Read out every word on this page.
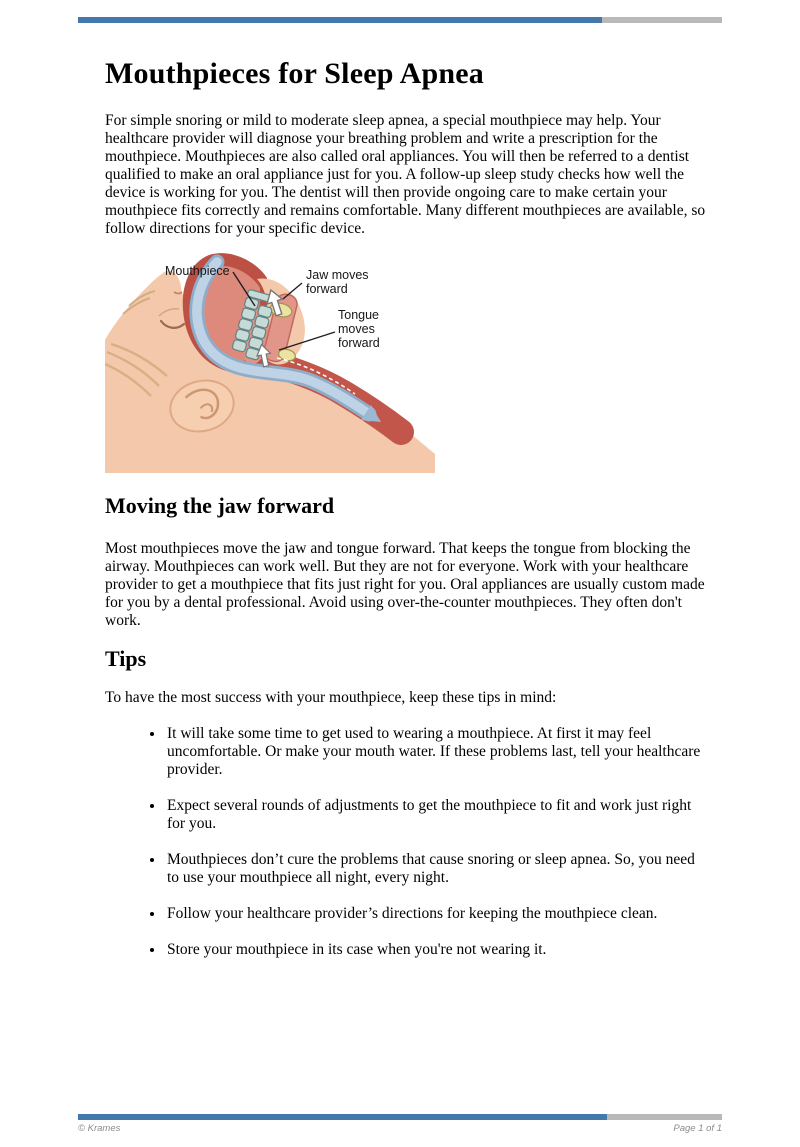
Mouthpieces for Sleep Apnea

For simple snoring or mild to moderate sleep apnea, a special mouthpiece may help. Your healthcare provider will diagnose your breathing problem and write a prescription for the mouthpiece. Mouthpieces are also called oral appliances. You will then be referred to a dentist qualified to make an oral appliance just for you. A follow-up sleep study checks how well the device is working for you. The dentist will then provide ongoing care to make certain your mouthpiece fits correctly and remains comfortable. Many different mouthpieces are available, so follow directions for your specific device.

Mouthpiece	Jaw moves
forward
Tongue
moves
forward
Moving the jaw forward

Most mouthpieces move the jaw and tongue forward. That keeps the tongue from blocking the airway. Mouthpieces can work well. But they are not for everyone. Work with your healthcare provider to get a mouthpiece that fits just right for you. Oral appliances are usually custom made for you by a dental professional. Avoid using over-the-counter mouthpieces. They often don't work.

Tips

To have the most success with your mouthpiece, keep these tips in mind:

• It will take some time to get used to wearing a mouthpiece. At first it may feel uncomfortable. Or make your mouth water. If these problems last, tell your healthcare provider.
• Expect several rounds of adjustments to get the mouthpiece to fit and work just right for you.
• Mouthpieces don’t cure the problems that cause snoring or sleep apnea. So, you need to use your mouthpiece all night, every night.
• Follow your healthcare provider’s directions for keeping the mouthpiece clean.
• Store your mouthpiece in its case when you're not wearing it.
© Krames	Page 1 of 1
